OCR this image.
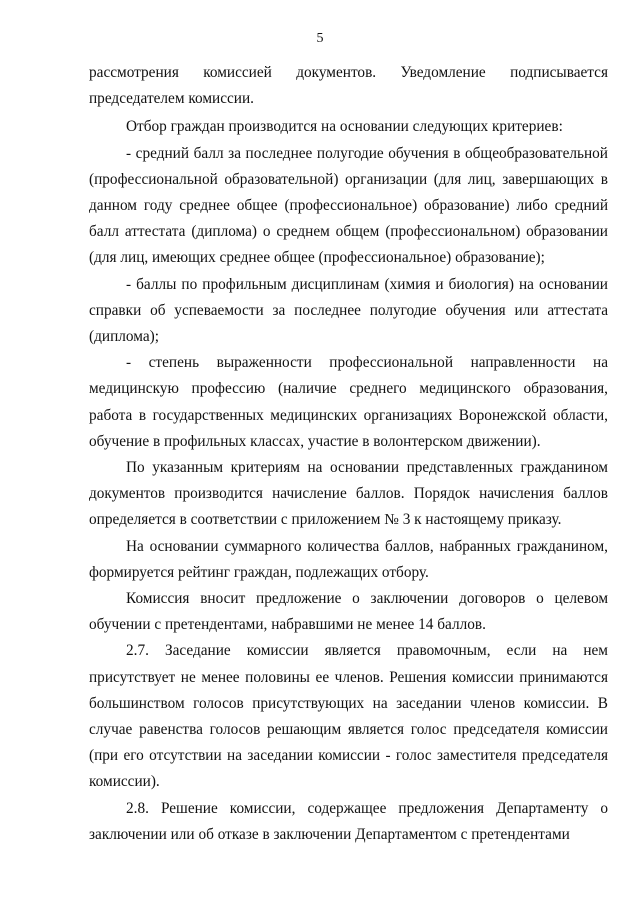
5

рассмотрения комиссией документов. Уведомление подписывается председателем комиссии.

Отбор граждан производится на основании следующих критериев:

- средний балл за последнее полугодие обучения в общеобразовательной (профессиональной образовательной) организации (для лиц, завершающих в данном году среднее общее (профессиональное) образование) либо средний балл аттестата (диплома) о среднем общем (профессиональном) образовании (для лиц, имеющих среднее общее (профессиональное) образование);

- баллы по профильным дисциплинам (химия и биология) на основании справки об успеваемости за последнее полугодие обучения или аттестата (диплома);

- степень выраженности профессиональной направленности на медицинскую профессию (наличие среднего медицинского образования, работа в государственных медицинских организациях Воронежской области, обучение в профильных классах, участие в волонтерском движении).

По указанным критериям на основании представленных гражданином документов производится начисление баллов. Порядок начисления баллов определяется в соответствии с приложением № 3 к настоящему приказу.

На основании суммарного количества баллов, набранных гражданином, формируется рейтинг граждан, подлежащих отбору.

Комиссия вносит предложение о заключении договоров о целевом обучении с претендентами, набравшими не менее 14 баллов.

2.7. Заседание комиссии является правомочным, если на нем присутствует не менее половины ее членов. Решения комиссии принимаются большинством голосов присутствующих на заседании членов комиссии. В случае равенства голосов решающим является голос председателя комиссии (при его отсутствии на заседании комиссии - голос заместителя председателя комиссии).

2.8. Решение комиссии, содержащее предложения Департаменту о заключении или об отказе в заключении Департаментом с претендентами
